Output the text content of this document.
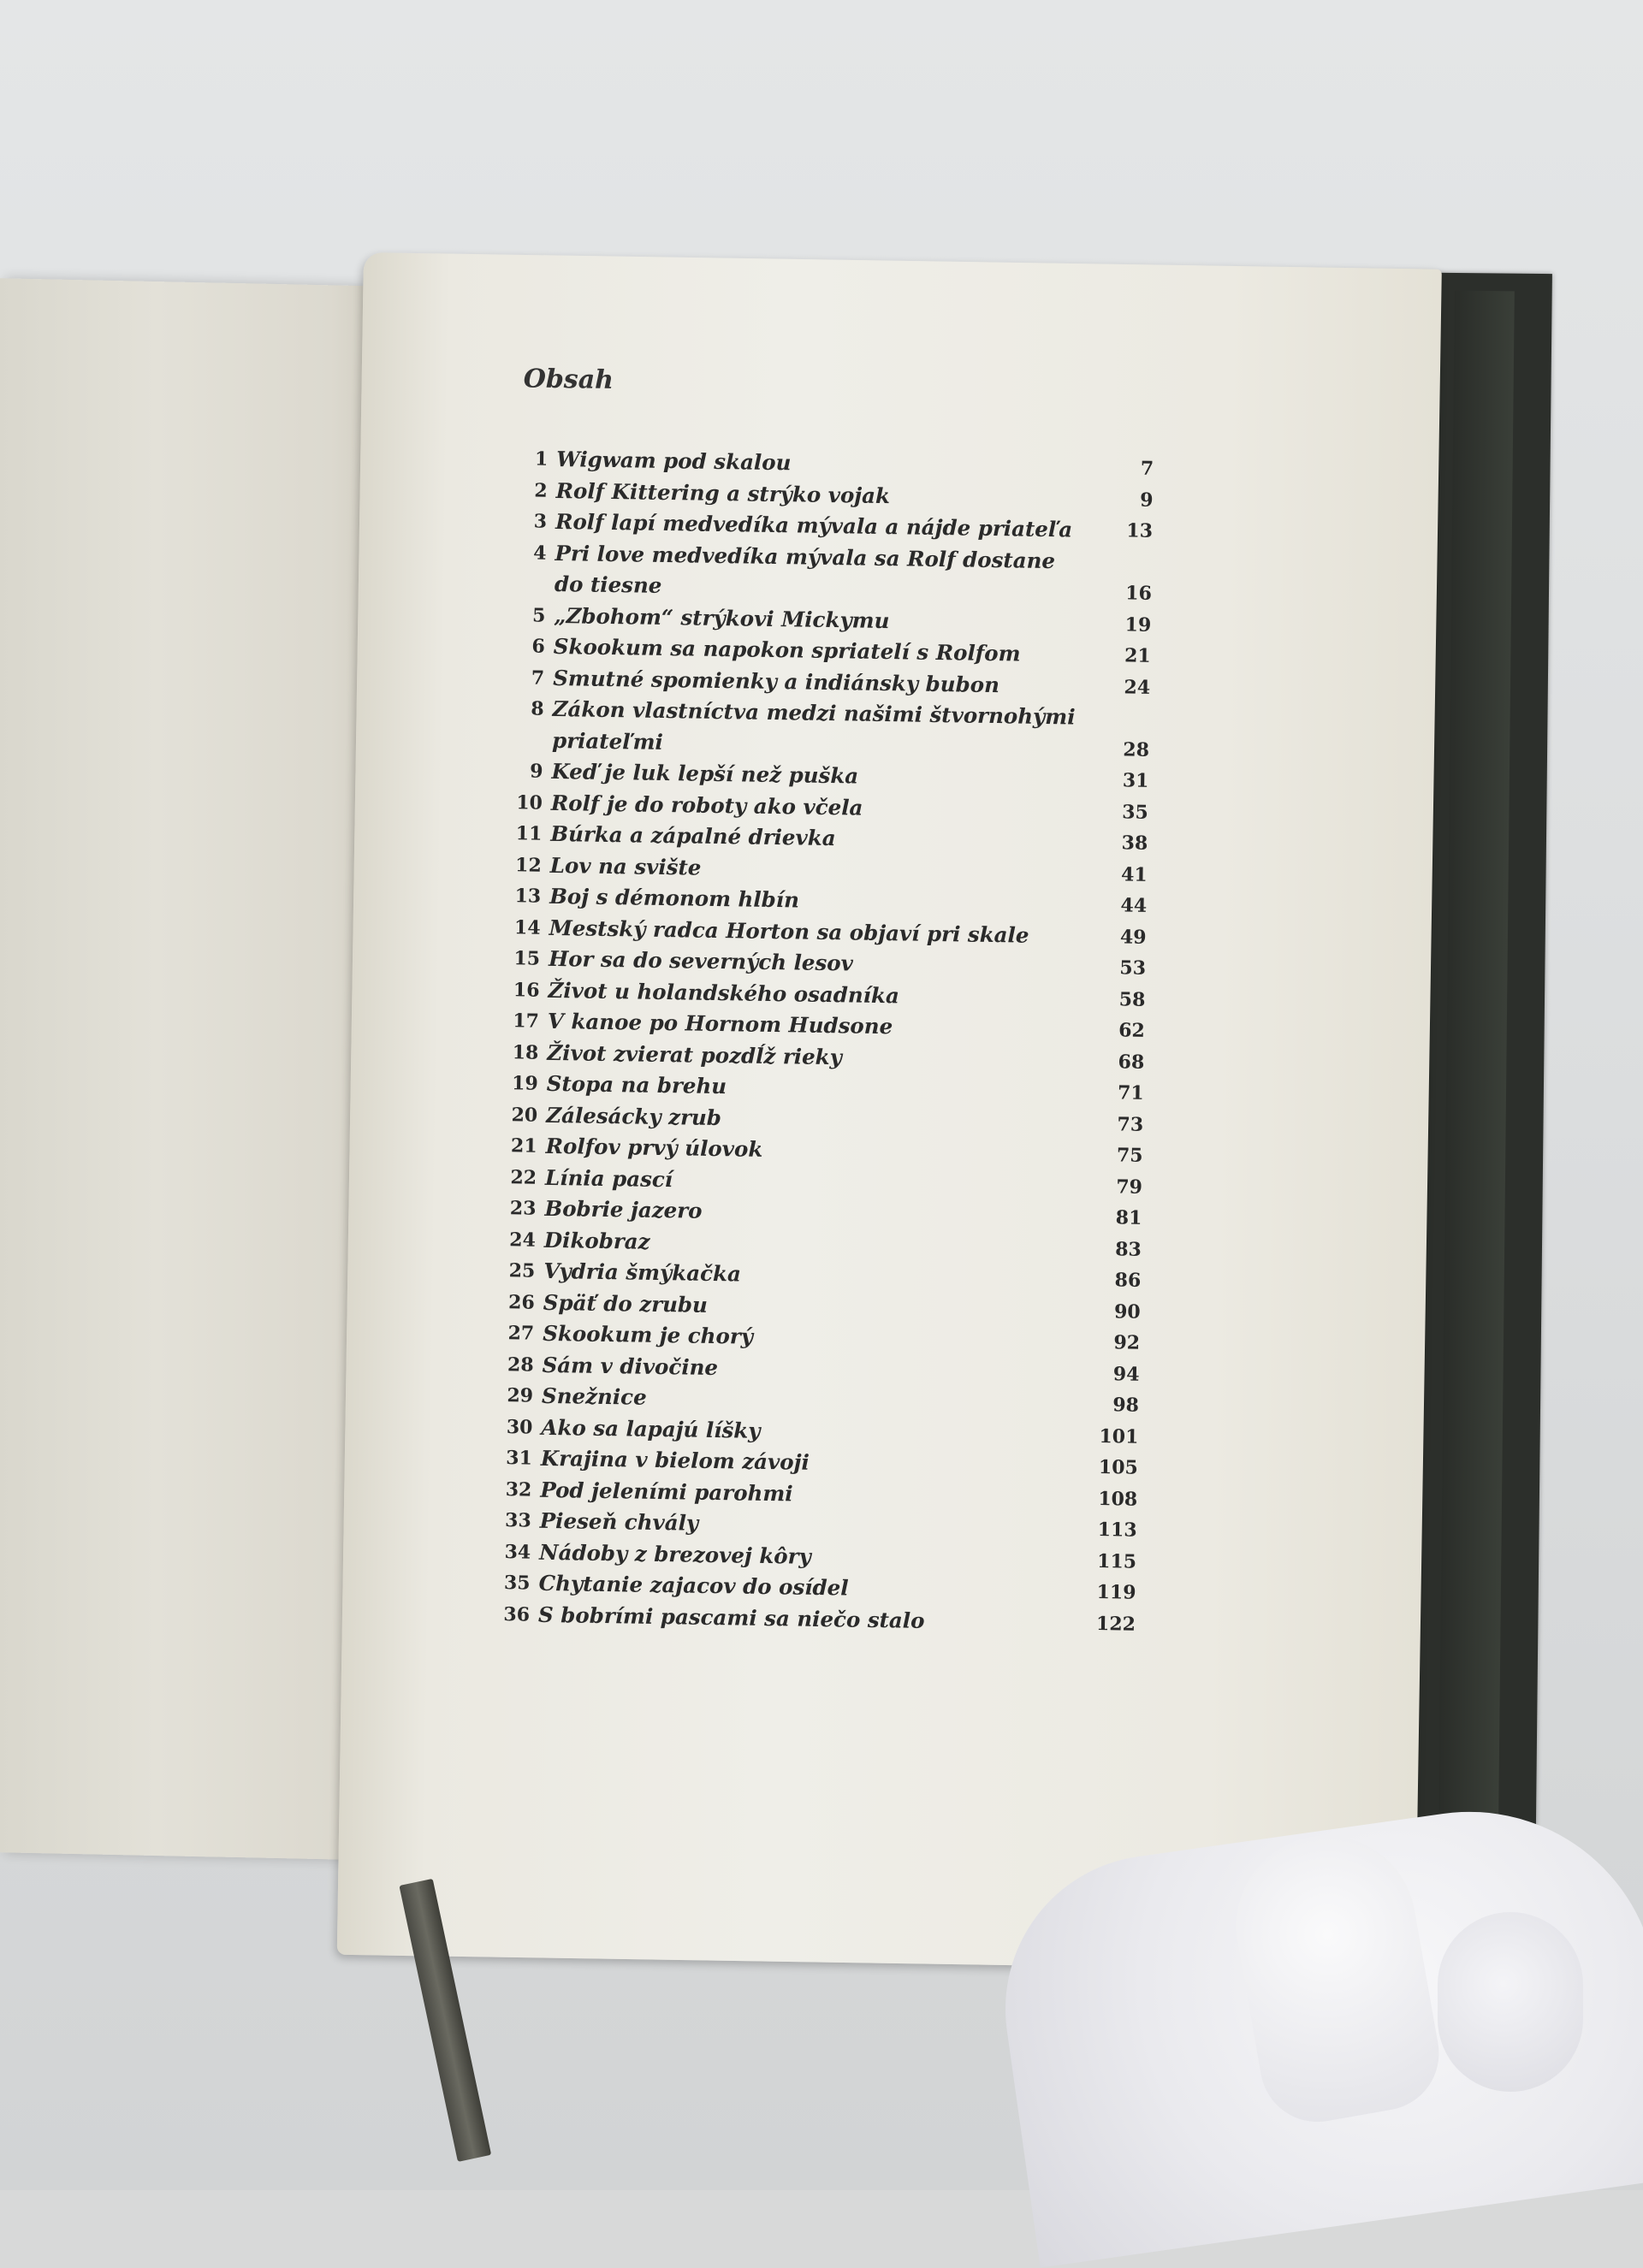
Obsah
1 Wigwam pod skalou	7
2 Rolf Kittering a strýko vojak	9
3 Rolf lapí medvedíka mývala a nájde priateľa	13
4 Pri love medvedíka mývala sa Rolf dostane do tiesne	16
5 „Zbohom“ strýkovi Mickymu	19
6 Skookum sa napokon spriatelí s Rolfom	21
7 Smutné spomienky a indiánsky bubon	24
8 Zákon vlastníctva medzi našimi štvornohými priateľmi	28
9 Keď je luk lepší než puška	31
10 Rolf je do roboty ako včela	35
11 Búrka a zápalné drievka	38
12 Lov na svište	41
13 Boj s démonom hlbín	44
14 Mestský radca Horton sa objaví pri skale	49
15 Hor sa do severných lesov	53
16 Život u holandského osadníka	58
17 V kanoe po Hornom Hudsone	62
18 Život zvierat pozdĺž rieky	68
19 Stopa na brehu	71
20 Zálesácky zrub	73
21 Rolfov prvý úlovok	75
22 Línia pascí	79
23 Bobrie jazero	81
24 Dikobraz	83
25 Vydria šmýkačka	86
26 Späť do zrubu	90
27 Skookum je chorý	92
28 Sám v divočine	94
29 Snežnice	98
30 Ako sa lapajú líšky	101
31 Krajina v bielom závoji	105
32 Pod jeleními parohmi	108
33 Pieseň chvály	113
34 Nádoby z brezovej kôry	115
35 Chytanie zajacov do osídel	119
36 S bobrími pascami sa niečo stalo	122
